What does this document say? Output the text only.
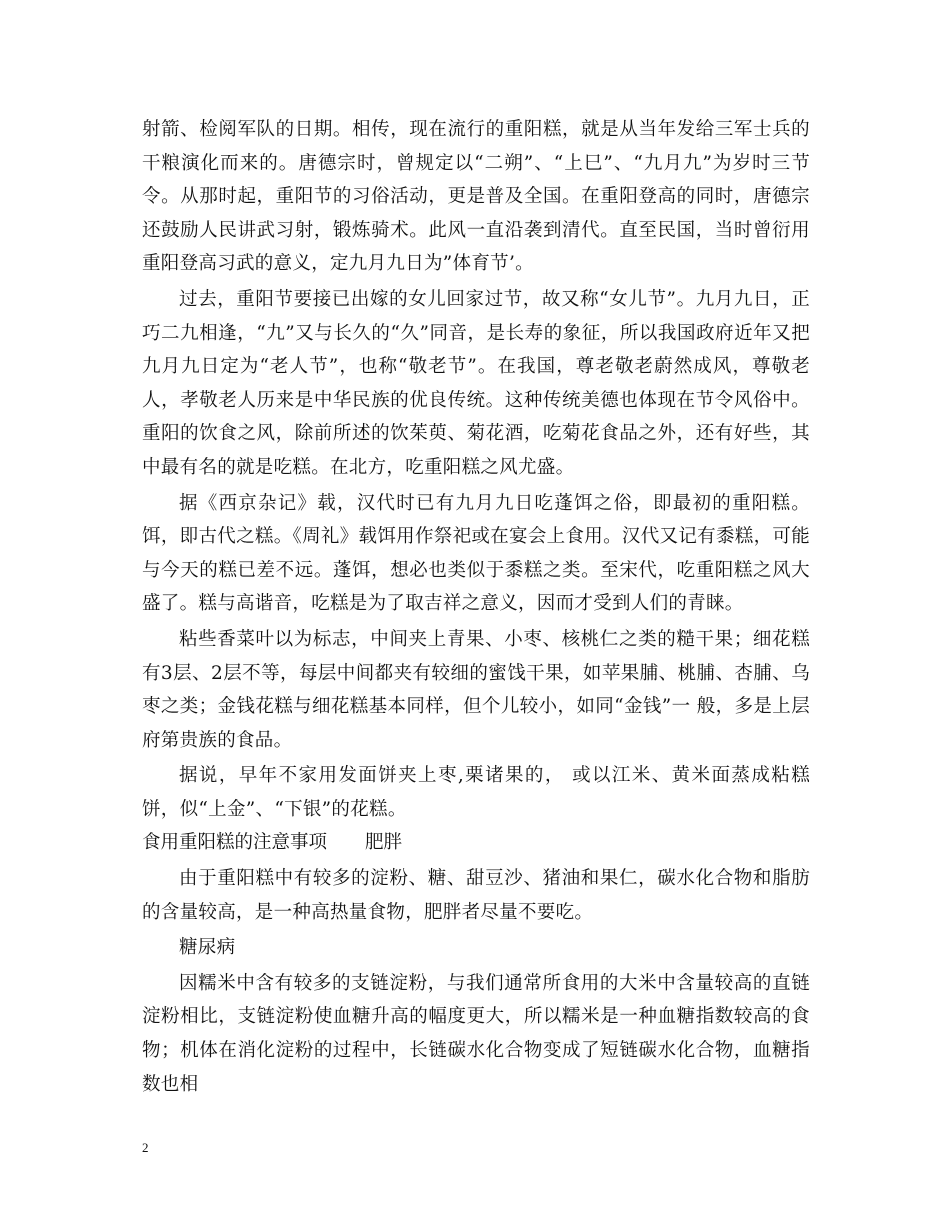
射箭、检阅军队的日期。相传，现在流行的重阳糕，就是从当年发给三军士兵的干粮演化而来的。唐德宗时，曾规定以“二朔”、“上巳”、“九月九”为岁时三节令。从那时起，重阳节的习俗活动，更是普及全国。在重阳登高的同时，唐德宗还鼓励人民讲武习射，锻炼骑术。此风一直沿袭到清代。直至民国，当时曾衍用重阳登高习武的意义，定九月九日为”体育节’。

过去，重阳节要接已出嫁的女儿回家过节，故又称“女儿节”。九月九日，正巧二九相逢，“九”又与长久的“久”同音，是长寿的象征，所以我国政府近年又把九月九日定为“老人节”，也称“敬老节”。在我国，尊老敬老蔚然成风，尊敬老人，孝敬老人历来是中华民族的优良传统。这种传统美德也体现在节令风俗中。重阳的饮食之风，除前所述的饮茱萸、菊花酒，吃菊花食品之外，还有好些，其中最有名的就是吃糕。在北方，吃重阳糕之风尤盛。

据《西京杂记》载，汉代时已有九月九日吃蓬饵之俗，即最初的重阳糕。饵，即古代之糕。《周礼》载饵用作祭祀或在宴会上食用。汉代又记有黍糕，可能与今天的糕已差不远。蓬饵，想必也类似于黍糕之类。至宋代，吃重阳糕之风大盛了。糕与高谐音，吃糕是为了取吉祥之意义，因而才受到人们的青睐。

粘些香菜叶以为标志，中间夹上青果、小枣、核桃仁之类的糙干果；细花糕有3层、2层不等，每层中间都夹有较细的蜜饯干果，如苹果脯、桃脯、杏脯、乌枣之类；金钱花糕与细花糕基本同样，但个儿较小，如同“金钱”一 般，多是上层府第贵族的食品。

据说，早年不家用发面饼夹上枣,栗诸果的， 或以江米、黄米面蒸成粘糕饼，似“上金”、“下银”的花糕。

食用重阳糕的注意事项 肥胖

由于重阳糕中有较多的淀粉、糖、甜豆沙、猪油和果仁，碳水化合物和脂肪的含量较高，是一种高热量食物，肥胖者尽量不要吃。

糖尿病

因糯米中含有较多的支链淀粉，与我们通常所食用的大米中含量较高的直链淀粉相比，支链淀粉使血糖升高的幅度更大，所以糯米是一种血糖指数较高的食物；机体在消化淀粉的过程中，长链碳水化合物变成了短链碳水化合物，血糖指数也相

2
